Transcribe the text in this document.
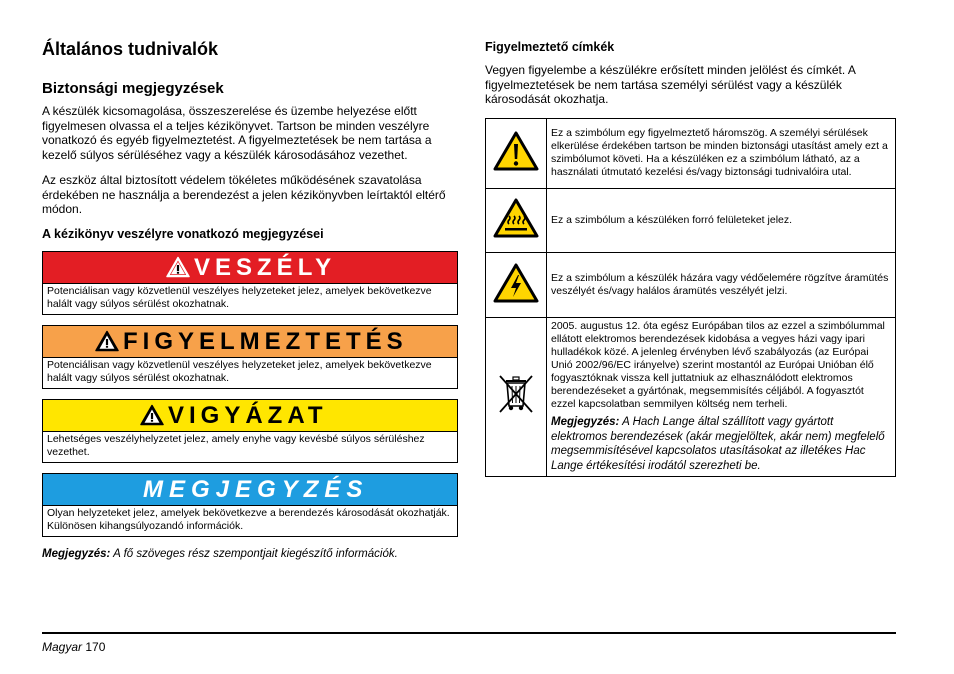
Általános tudnivalók
Biztonsági megjegyzések

A készülék kicsomagolása, összeszerelése és üzembe helyezése előtt figyelmesen olvassa el a teljes kézikönyvet. Tartson be minden veszélyre vonatkozó és egyéb figyelmeztetést. A figyelmeztetések be nem tartása a kezelő súlyos sérüléséhez vagy a készülék károsodásához vezethet.

Az eszköz által biztosított védelem tökéletes működésének szavatolása érdekében ne használja a berendezést a jelen kézikönyvben leírtaktól eltérő módon.

A kézikönyv veszélyre vonatkozó megjegyzései
VESZÉLY
Potenciálisan vagy közvetlenül veszélyes helyzeteket jelez, amelyek bekövetkezve halált vagy súlyos sérülést okozhatnak.
FIGYELMEZTETÉS
Potenciálisan vagy közvetlenül veszélyes helyzeteket jelez, amelyek bekövetkezve halált vagy súlyos sérülést okozhatnak.
VIGYÁZAT
Lehetséges veszélyhelyzetet jelez, amely enyhe vagy kevésbé súlyos sérüléshez vezethet.
MEGJEGYZÉS
Olyan helyzeteket jelez, amelyek bekövetkezve a berendezés károsodását okozhatják. Különösen kihangsúlyozandó információk.
Megjegyzés: A fő szöveges rész szempontjait kiegészítő információk.
Figyelmeztető címkék

Vegyen figyelembe a készülékre erősített minden jelölést és címkét. A figyelmeztetések be nem tartása személyi sérülést vagy a készülék károsodását okozhatja.

Ez a szimbólum egy figyelmeztető háromszög. A személyi sérülések elkerülése érdekében tartson be minden biztonsági utasítást amely ezt a szimbólumot követi. Ha a készüléken ez a szimbólum látható, az a használati útmutató kezelési és/vagy biztonsági tudnivalóira utal.

Ez a szimbólum a készüléken forró felületeket jelez.

Ez a szimbólum a készülék házára vagy védőelemére rögzítve áramütés veszélyét és/vagy halálos áramütés veszélyét jelzi.

2005. augustus 12. óta egész Európában tilos az ezzel a szimbólummal ellátott elektromos berendezések kidobása a vegyes házi vagy ipari hulladékok közé. A jelenleg érvényben lévő szabályozás (az Európai Unió 2002/96/EC irányelve) szerint mostantól az Európai Unióban élő fogyasztóknak vissza kell juttatniuk az elhasználódott elektromos berendezéseket a gyártónak, megsemmisítés céljából. A fogyasztót ezzel kapcsolatban semmilyen költség nem terheli.

Megjegyzés: A Hach Lange által szállított vagy gyártott elektromos berendezések (akár megjelöltek, akár nem) megfelelő megsemmisítésével kapcsolatos utasításokat az illetékes Hac Lange értékesítési irodától szerezheti be.

Magyar 170
